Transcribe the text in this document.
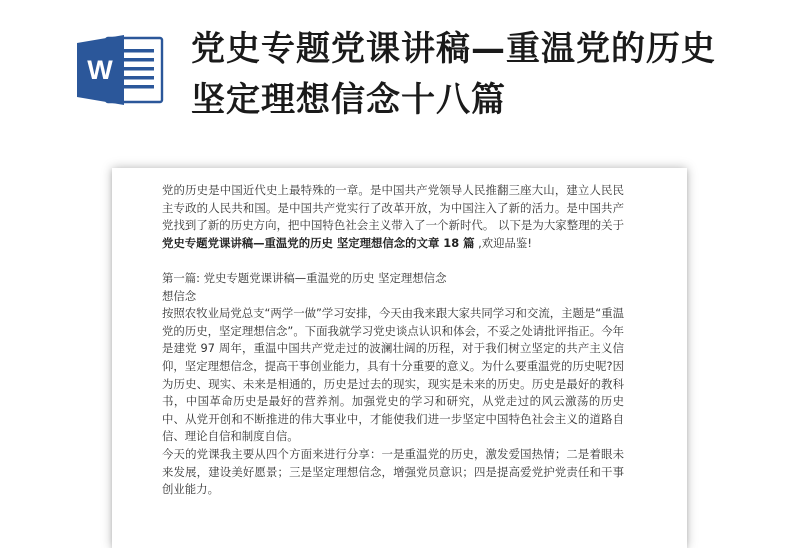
W
党史专题党课讲稿—重温党的历史 坚定理想信念十八篇

党的历史是中国近代史上最特殊的一章。是中国共产党领导人民推翻三座大山，建立人民民主专政的人民共和国。是中国共产党实行了改革开放，为中国注入了新的活力。是中国共产党找到了新的历史方向，把中国特色社会主义带入了一个新时代。 以下是为大家整理的关于党史专题党课讲稿—重温党的历史 坚定理想信念的文章 18 篇 ,欢迎品鉴!

第一篇: 党史专题党课讲稿—重温党的历史 坚定理想信念

想信念

按照农牧业局党总支“两学一做”学习安排，今天由我来跟大家共同学习和交流，主题是“重温党的历史，坚定理想信念”。下面我就学习党史谈点认识和体会，不妥之处请批评指正。今年是建党 97 周年，重温中国共产党走过的波澜壮阔的历程，对于我们树立坚定的共产主义信仰，坚定理想信念，提高干事创业能力，具有十分重要的意义。为什么要重温党的历史呢?因为历史、现实、未来是相通的，历史是过去的现实，现实是未来的历史。历史是最好的教科书，中国革命历史是最好的营养剂。加强党史的学习和研究，从党走过的风云激荡的历史中、从党开创和不断推进的伟大事业中，才能使我们进一步坚定中国特色社会主义的道路自信、理论自信和制度自信。

今天的党课我主要从四个方面来进行分享：一是重温党的历史，激发爱国热情；二是着眼未来发展，建设美好愿景；三是坚定理想信念，增强党员意识；四是提高爱党护党责任和干事创业能力。
